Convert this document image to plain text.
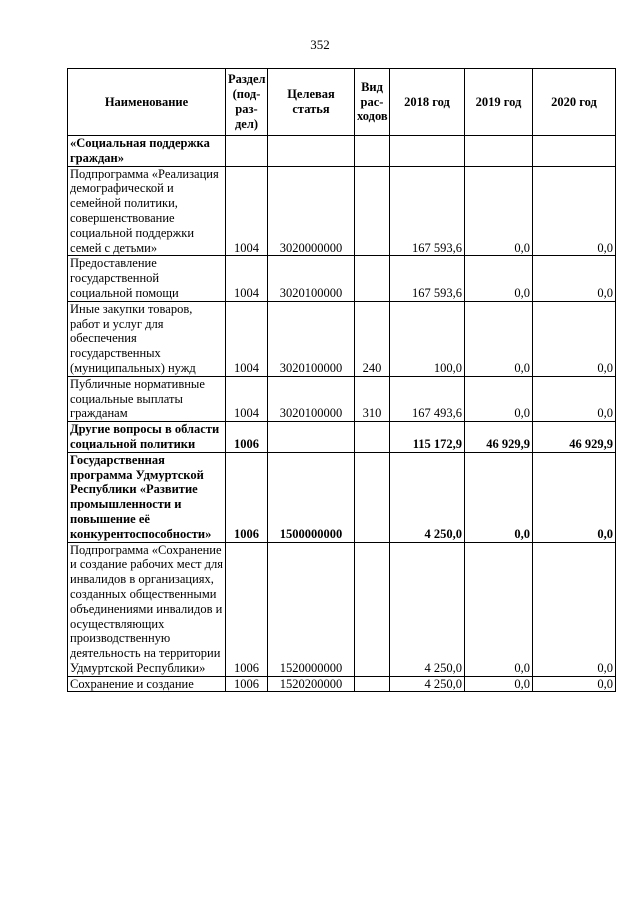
352
Наименование	Раздел (под-раз-дел)	Целевая статья	Вид рас-ходов	2018 год	2019 год	2020 год
«Социальная поддержка граждан»						
Подпрограмма «Реализация демографической и семейной политики, совершенствование социальной поддержки семей с детьми»	1004	3020000000		167 593,6	0,0	0,0
Предоставление государственной социальной помощи	1004	3020100000		167 593,6	0,0	0,0
Иные закупки товаров, работ и услуг для обеспечения государственных (муниципальных) нужд	1004	3020100000	240	100,0	0,0	0,0
Публичные нормативные социальные выплаты гражданам	1004	3020100000	310	167 493,6	0,0	0,0
Другие вопросы в области социальной политики	1006			115 172,9	46 929,9	46 929,9
Государственная программа Удмуртской Республики «Развитие промышленности и повышение её конкурентоспособности»	1006	1500000000		4 250,0	0,0	0,0
Подпрограмма «Сохранение и создание рабочих мест для инвалидов в организациях, созданных общественными объединениями инвалидов и осуществляющих производственную деятельность на территории Удмуртской Республики»	1006	1520000000		4 250,0	0,0	0,0
Сохранение и создание	1006	1520200000		4 250,0	0,0	0,0
